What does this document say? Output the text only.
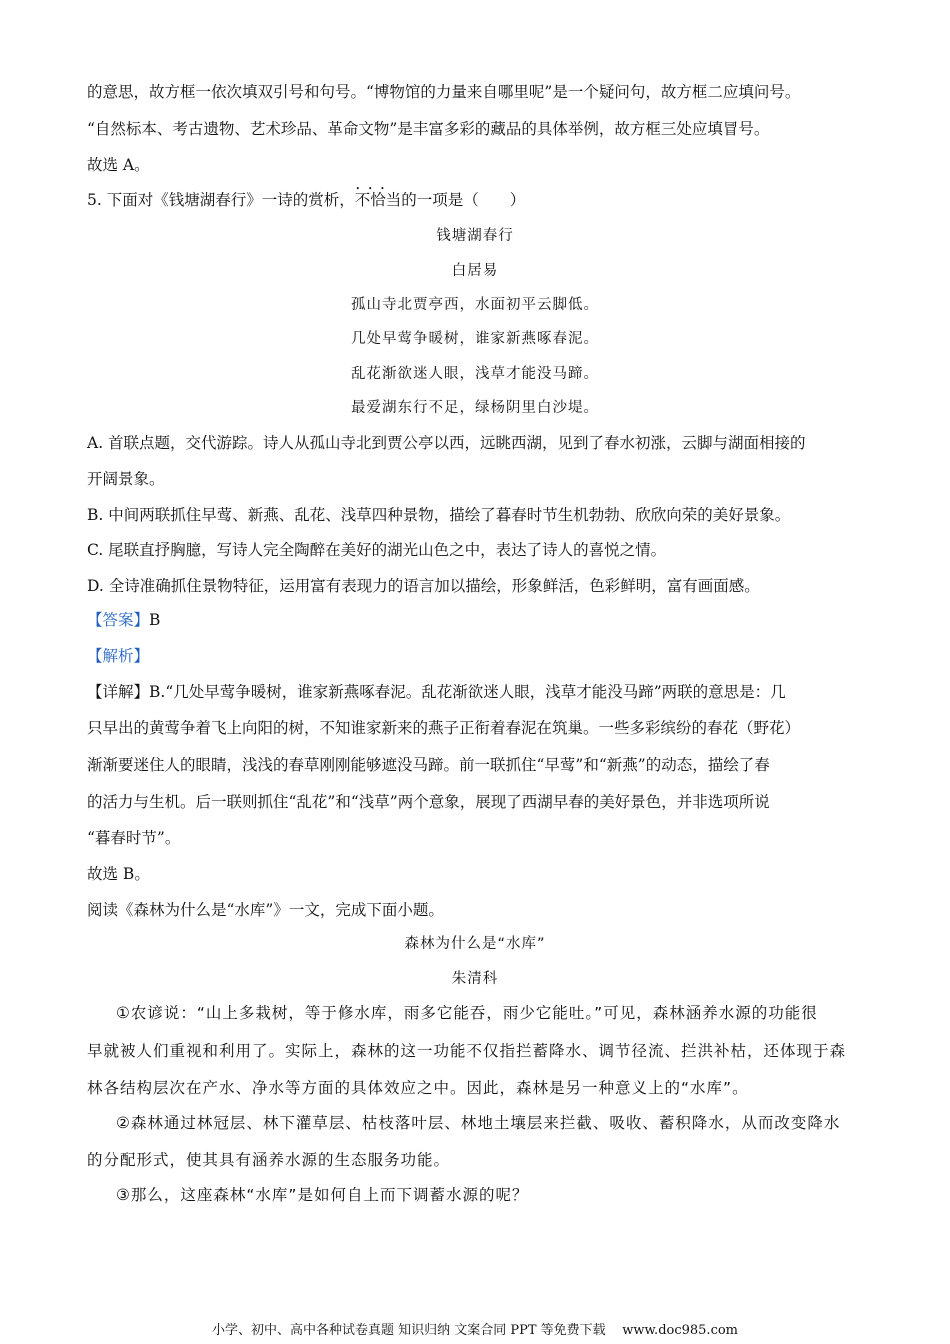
的意思，故方框一依次填双引号和句号。“博物馆的力量来自哪里呢”是一个疑问句，故方框二应填问号。
“自然标本、考古遗物、艺术珍品、革命文物”是丰富多彩的藏品的具体举例，故方框三处应填冒号。
故选 A。
5. 下面对《钱塘湖春行》一诗的赏析，• • • 不恰当的一项是（　　）
钱塘湖春行
白居易
孤山寺北贾亭西，水面初平云脚低。
几处早莺争暖树，谁家新燕啄春泥。
乱花渐欲迷人眼，浅草才能没马蹄。
最爱湖东行不足，绿杨阴里白沙堤。
A. 首联点题，交代游踪。诗人从孤山寺北到贾公亭以西，远眺西湖，见到了春水初涨，云脚与湖面相接的
开阔景象。
B. 中间两联抓住早莺、新燕、乱花、浅草四种景物，描绘了暮春时节生机勃勃、欣欣向荣的美好景象。
C. 尾联直抒胸臆，写诗人完全陶醉在美好的湖光山色之中，表达了诗人的喜悦之情。
D. 全诗准确抓住景物特征，运用富有表现力的语言加以描绘，形象鲜活，色彩鲜明，富有画面感。
【答案】B
【解析】
【详解】B.“几处早莺争暖树，谁家新燕啄春泥。乱花渐欲迷人眼，浅草才能没马蹄”两联的意思是：几
只早出的黄莺争着飞上向阳的树，不知谁家新来的燕子正衔着春泥在筑巢。一些多彩缤纷的春花（野花）
渐渐要迷住人的眼睛，浅浅的春草刚刚能够遮没马蹄。前一联抓住“早莺”和“新燕”的动态，描绘了春
的活力与生机。后一联则抓住“乱花”和“浅草”两个意象，展现了西湖早春的美好景色，并非选项所说
“暮春时节”。
故选 B。
阅读《森林为什么是“水库”》一文，完成下面小题。
森林为什么是“水库”
朱清科
①农谚说：“山上多栽树，等于修水库，雨多它能吞，雨少它能吐。”可见，森林涵养水源的功能很
早就被人们重视和利用了。实际上，森林的这一功能不仅指拦蓄降水、调节径流、拦洪补枯，还体现于森
林各结构层次在产水、净水等方面的具体效应之中。因此，森林是另一种意义上的“水库”。
②森林通过林冠层、林下灌草层、枯枝落叶层、林地土壤层来拦截、吸收、蓄积降水，从而改变降水
的分配形式，使其具有涵养水源的生态服务功能。
③那么，这座森林“水库”是如何自上而下调蓄水源的呢？
小学、初中、高中各种试卷真题 知识归纳 文案合同 PPT 等免费下载 www.doc985.com
